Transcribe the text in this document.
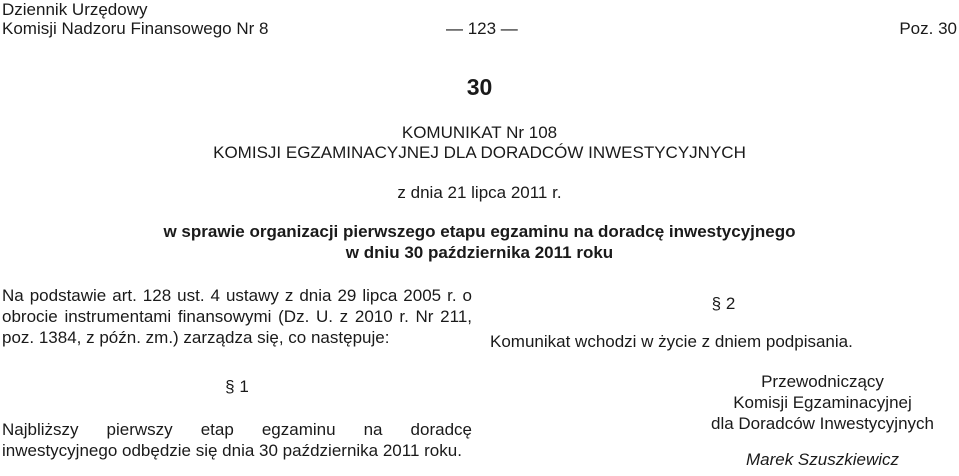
Dziennik Urzędowy
Komisji Nadzoru Finansowego Nr 8	— 123 —	Poz. 30
30
KOMUNIKAT Nr 108
KOMISJI EGZAMINACYJNEJ DLA DORADCÓW INWESTYCYJNYCH
z dnia 21 lipca 2011 r.
w sprawie organizacji pierwszego etapu egzaminu na doradcę inwestycyjnego
w dniu 30 października 2011 roku

Na podstawie art. 128 ust. 4 ustawy z dnia 29 lipca 2005 r. o obrocie instrumentami finansowymi (Dz. U. z 2010 r. Nr 211, poz. 1384, z późn. zm.) zarządza się, co następuje:

§ 1

Najbliższy pierwszy etap egzaminu na doradcę inwestycyjnego odbędzie się dnia 30 października 2011 roku.

§ 2

Komunikat wchodzi w życie z dniem podpisania.

Przewodniczący
Komisji Egzaminacyjnej
dla Doradców Inwestycyjnych
Marek Szuszkiewicz
